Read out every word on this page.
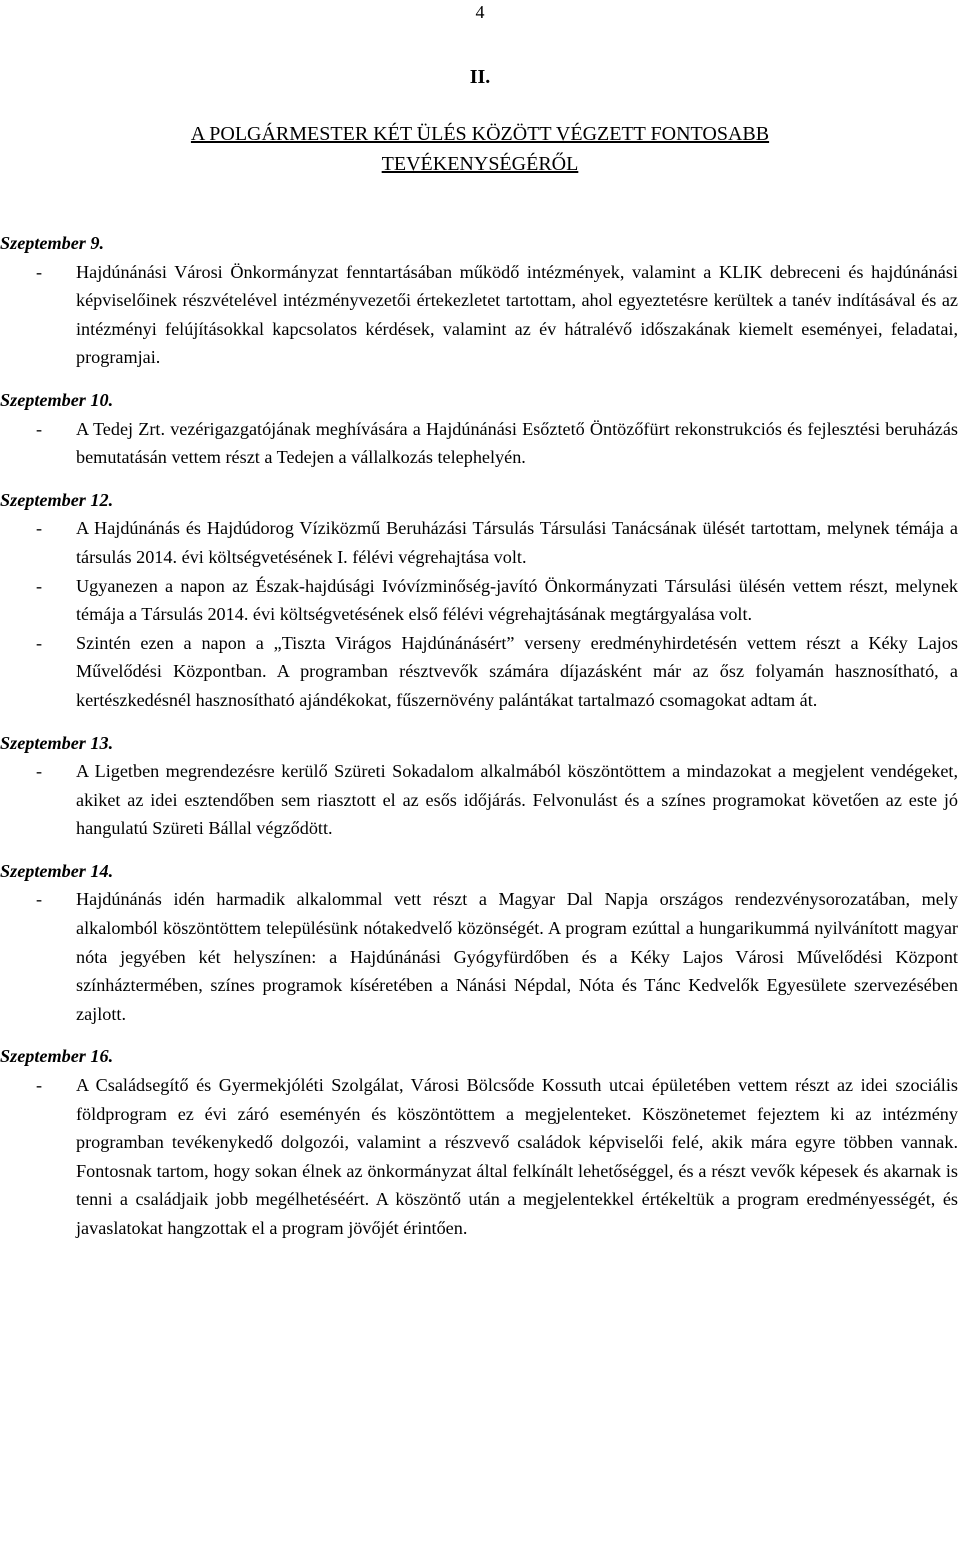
4
II.
A POLGÁRMESTER KÉT ÜLÉS KÖZÖTT VÉGZETT FONTOSABB
TEVÉKENYSÉGÉRŐL

Szeptember 9.

- Hajdúnánási Városi Önkormányzat fenntartásában működő intézmények, valamint a KLIK debreceni és hajdúnánási képviselőinek részvételével intézményvezetői értekezletet tartottam, ahol egyeztetésre kerültek a tanév indításával és az intézményi felújításokkal kapcsolatos kérdések, valamint az év hátralévő időszakának kiemelt eseményei, feladatai, programjai.

Szeptember 10.

- A Tedej Zrt. vezérigazgatójának meghívására a Hajdúnánási Esőztető Öntözőfürt rekonstrukciós és fejlesztési beruházás bemutatásán vettem részt a Tedejen a vállalkozás telephelyén.

Szeptember 12.

- A Hajdúnánás és Hajdúdorog Víziközmű Beruházási Társulás Társulási Tanácsának ülését tartottam, melynek témája a társulás 2014. évi költségvetésének I. félévi végrehajtása volt.

- Ugyanezen a napon az Észak-hajdúsági Ivóvízminőség-javító Önkormányzati Társulási ülésén vettem részt, melynek témája a Társulás 2014. évi költségvetésének első félévi végrehajtásának megtárgyalása volt.

- Szintén ezen a napon a „Tiszta Virágos Hajdúnánásért” verseny eredményhirdetésén vettem részt a Kéky Lajos Művelődési Központban. A programban résztvevők számára díjazásként már az ősz folyamán hasznosítható, a kertészkedésnél hasznosítható ajándékokat, fűszernövény palántákat tartalmazó csomagokat adtam át.

Szeptember 13.

- A Ligetben megrendezésre kerülő Szüreti Sokadalom alkalmából köszöntöttem a mindazokat a megjelent vendégeket, akiket az idei esztendőben sem riasztott el az esős időjárás. Felvonulást és a színes programokat követően az este jó hangulatú Szüreti Bállal végződött.

Szeptember 14.

- Hajdúnánás idén harmadik alkalommal vett részt a Magyar Dal Napja országos rendezvénysorozatában, mely alkalomból köszöntöttem településünk nótakedvelő közönségét. A program ezúttal a hungarikummá nyilvánított magyar nóta jegyében két helyszínen: a Hajdúnánási Gyógyfürdőben és a Kéky Lajos Városi Művelődési Központ színháztermében, színes programok kíséretében a Nánási Népdal, Nóta és Tánc Kedvelők Egyesülete szervezésében zajlott.

Szeptember 16.

- A Családsegítő és Gyermekjóléti Szolgálat, Városi Bölcsőde Kossuth utcai épületében vettem részt az idei szociális földprogram ez évi záró eseményén és köszöntöttem a megjelenteket. Köszönetemet fejeztem ki az intézmény programban tevékenykedő dolgozói, valamint a részvevő családok képviselői felé, akik mára egyre többen vannak. Fontosnak tartom, hogy sokan élnek az önkormányzat által felkínált lehetőséggel, és a részt vevők képesek és akarnak is tenni a családjaik jobb megélhetéséért. A köszöntő után a megjelentekkel értékeltük a program eredményességét, és javaslatokat hangzottak el a program jövőjét érintően.
